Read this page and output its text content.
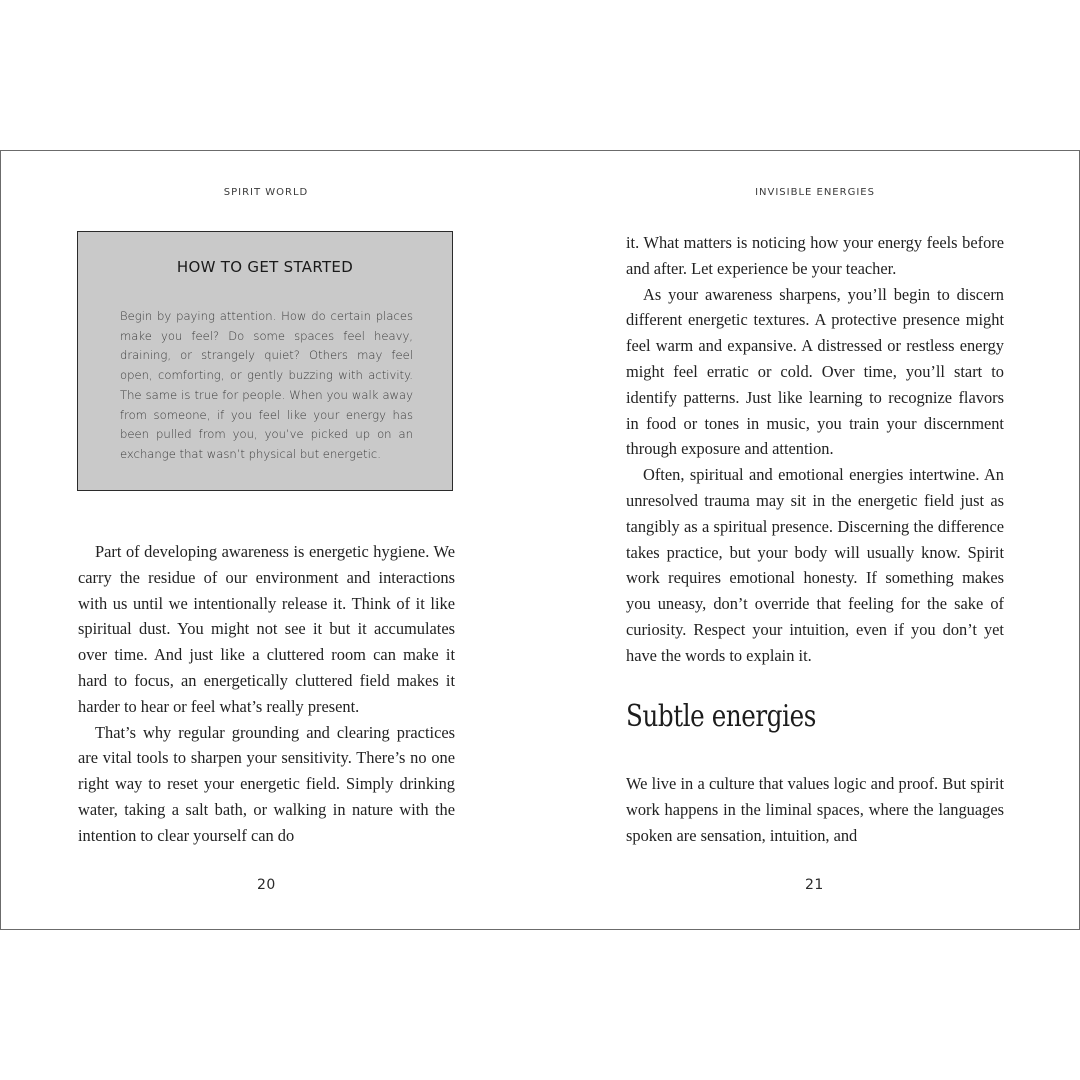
SPIRIT WORLD
HOW TO GET STARTED

Begin by paying attention. How do certain places make you feel? Do some spaces feel heavy, draining, or strangely quiet? Others may feel open, comforting, or gently buzzing with activity. The same is true for people. When you walk away from someone, if you feel like your energy has been pulled from you, you’ve picked up on an exchange that wasn’t physical but energetic.

Part of developing awareness is energetic hygiene. We carry the residue of our environment and interactions with us until we intentionally release it. Think of it like spiritual dust. You might not see it but it accumulates over time. And just like a cluttered room can make it hard to focus, an energetically cluttered field makes it harder to hear or feel what’s really present.

That’s why regular grounding and clearing practices are vital tools to sharpen your sensitivity. There’s no one right way to reset your energetic field. Simply drinking water, taking a salt bath, or walking in nature with the intention to clear yourself can do

20
INVISIBLE ENERGIES

it. What matters is noticing how your energy feels before and after. Let experience be your teacher.

As your awareness sharpens, you’ll begin to discern different energetic textures. A protective presence might feel warm and expansive. A distressed or restless energy might feel erratic or cold. Over time, you’ll start to identify patterns. Just like learning to recognize flavors in food or tones in music, you train your discernment through exposure and attention.

Often, spiritual and emotional energies intertwine. An unresolved trauma may sit in the energetic field just as tangibly as a spiritual presence. Discerning the difference takes practice, but your body will usually know. Spirit work requires emotional honesty. If something makes you uneasy, don’t override that feeling for the sake of curiosity. Respect your intuition, even if you don’t yet have the words to explain it.

Subtle energies

We live in a culture that values logic and proof. But spirit work happens in the liminal spaces, where the languages spoken are sensation, intuition, and

21
